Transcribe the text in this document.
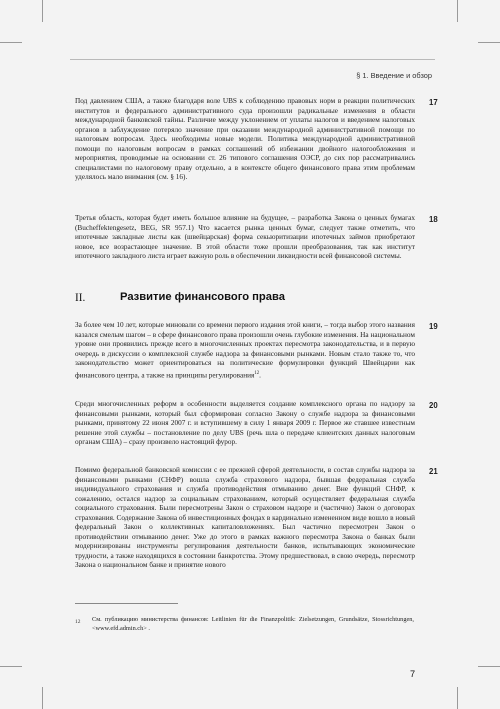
§ 1. Введение и обзор
17

Под давлением США, а также благодаря воле UBS к соблюдению правовых норм в реакции политических институтов и федерального административного суда произошли радикальные изменения в области международной банковской тайны. Различие между уклонением от уплаты налогов и введением налоговых органов в заблуждение потеряло значение при оказании международной административной помощи по налоговым вопросам. Здесь необходимы новые модели. Политика международной административной помощи по налоговым вопросам в рамках соглашений об избежании двойного налогообложения и мероприятия, проводимые на основании ст. 26 типового соглашения ОЭСР, до сих пор рассматривались специалистами по налоговому праву отдельно, а в контексте общего финансового права этим проблемам уделялось мало внимания (см. § 16).

18

Третья область, которая будет иметь большое влияние на будущее, – разработка Закона о ценных бумагах (Bucheffektengesetz, BEG, SR 957.1) Что касается рынка ценных бумаг, следует также отметить, что ипотечные закладные листы как (швейцарская) форма секьюритизации ипотечных займов приобретают новое, все возрастающее значение. В этой области тоже прошли преобразования, так как институт ипотечного закладного листа играет важную роль в обеспечении ликвидности всей финансовой системы.

II.	Развитие финансового права
19

За более чем 10 лет, которые миновали со времени первого издания этой книги, – тогда выбор этого названия казался смелым шагом – в сфере финансового права произошли очень глубокие изменения. На национальном уровне они проявились прежде всего в многочисленных проектах пересмотра законодательства, и в первую очередь в дискуссии о комплексной службе надзора за финансовыми рынками. Новым стало также то, что законодательство может ориентироваться на политические формулировки функций Швейцарии как финансового центра, а также на принципы регулирования$^{12}$.

20

Среди многочисленных реформ в особенности выделяется создание комплексного органа по надзору за финансовыми рынками, который был сформирован согласно Закону о службе надзора за финансовыми рынками, принятому 22 июня 2007 г. и вступившему в силу 1 января 2009 г. Первое же ставшее известным решение этой службы – постановление по делу UBS (речь шла о передаче клиентских данных налоговым органам США) – сразу произвело настоящий фурор.

21

Помимо федеральной банковской комиссии с ее прежней сферой деятельности, в состав службы надзора за финансовыми рынками (СНФР) вошла служба страхового надзора, бывшая федеральная служба индивидуального страхования и служба противодействия отмыванию денег. Вне функций СНФР, к сожалению, остался надзор за социальным страхованием, который осуществляет федеральная служба социального страхования. Были пересмотрены Закон о страховом надзоре и (частично) Закон о договорах страхования. Содержание Закона об инвестиционных фондах в кардинально измененном виде вошло в новый федеральный Закон о коллективных капиталовложениях. Был частично пересмотрен Закон о противодействии отмыванию денег. Уже до этого в рамках важного пересмотра Закона о банках были модернизированы инструменты регулирования деятельности банков, испытывающих экономические трудности, а также находящихся в состоянии банкротства. Этому предшествовал, в свою очередь, пересмотр Закона о национальном банке и принятие нового

12 См. публикацию министерства финансов: Leitlinien für die Finanzpolitik: Zielsetzungen, Grundsätze, Stossrichtungen, <www.efd.admin.ch> .

7
